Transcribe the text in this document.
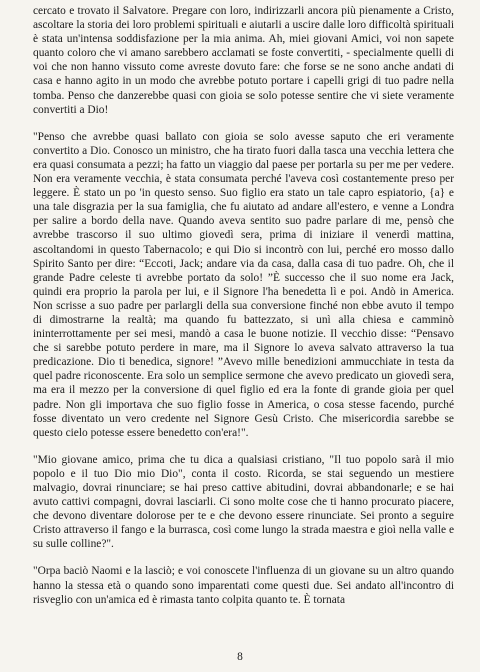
cercato e trovato il Salvatore. Pregare con loro, indirizzarli ancora più pienamente a Cristo, ascoltare la storia dei loro problemi spirituali e aiutarli a uscire dalle loro difficoltà spirituali è stata un'intensa soddisfazione per la mia anima. Ah, miei giovani Amici, voi non sapete quanto coloro che vi amano sarebbero acclamati se foste convertiti, - specialmente quelli di voi che non hanno vissuto come avreste dovuto fare: che forse se ne sono anche andati di casa e hanno agito in un modo che avrebbe potuto portare i capelli grigi di tuo padre nella tomba. Penso che danzerebbe quasi con gioia se solo potesse sentire che vi siete veramente convertiti a Dio!

"Penso che avrebbe quasi ballato con gioia se solo avesse saputo che eri veramente convertito a Dio. Conosco un ministro, che ha tirato fuori dalla tasca una vecchia lettera che era quasi consumata a pezzi; ha fatto un viaggio dal paese per portarla su per me per vedere. Non era veramente vecchia, è stata consumata perché l'aveva così costantemente preso per leggere. È stato un po 'in questo senso. Suo figlio era stato un tale capro espiatorio, {a} e una tale disgrazia per la sua famiglia, che fu aiutato ad andare all'estero, e venne a Londra per salire a bordo della nave. Quando aveva sentito suo padre parlare di me, pensò che avrebbe trascorso il suo ultimo giovedì sera, prima di iniziare il venerdì mattina, ascoltandomi in questo Tabernacolo; e qui Dio si incontrò con lui, perché ero mosso dallo Spirito Santo per dire: “Eccoti, Jack; andare via da casa, dalla casa di tuo padre. Oh, che il grande Padre celeste ti avrebbe portato da solo! ”È successo che il suo nome era Jack, quindi era proprio la parola per lui, e il Signore l'ha benedetta lì e poi. Andò in America. Non scrisse a suo padre per parlargli della sua conversione finché non ebbe avuto il tempo di dimostrarne la realtà; ma quando fu battezzato, si unì alla chiesa e camminò ininterrottamente per sei mesi, mandò a casa le buone notizie. Il vecchio disse: “Pensavo che si sarebbe potuto perdere in mare, ma il Signore lo aveva salvato attraverso la tua predicazione. Dio ti benedica, signore! ”Avevo mille benedizioni ammucchiate in testa da quel padre riconoscente. Era solo un semplice sermone che avevo predicato un giovedì sera, ma era il mezzo per la conversione di quel figlio ed era la fonte di grande gioia per quel padre. Non gli importava che suo figlio fosse in America, o cosa stesse facendo, purché fosse diventato un vero credente nel Signore Gesù Cristo. Che misericordia sarebbe se questo cielo potesse essere benedetto con'era!".

"Mio giovane amico, prima che tu dica a qualsiasi cristiano, "Il tuo popolo sarà il mio popolo e il tuo Dio mio Dio", conta il costo. Ricorda, se stai seguendo un mestiere malvagio, dovrai rinunciare; se hai preso cattive abitudini, dovrai abbandonarle; e se hai avuto cattivi compagni, dovrai lasciarli. Ci sono molte cose che ti hanno procurato piacere, che devono diventare dolorose per te e che devono essere rinunciate. Sei pronto a seguire Cristo attraverso il fango e la burrasca, così come lungo la strada maestra e gioì nella valle e su sulle colline?".

"Orpa baciò Naomi e la lasciò; e voi conoscete l'influenza di un giovane su un altro quando hanno la stessa età o quando sono imparentati come questi due. Sei andato all'incontro di risveglio con un'amica ed è rimasta tanto colpita quanto te. È tornata

8
